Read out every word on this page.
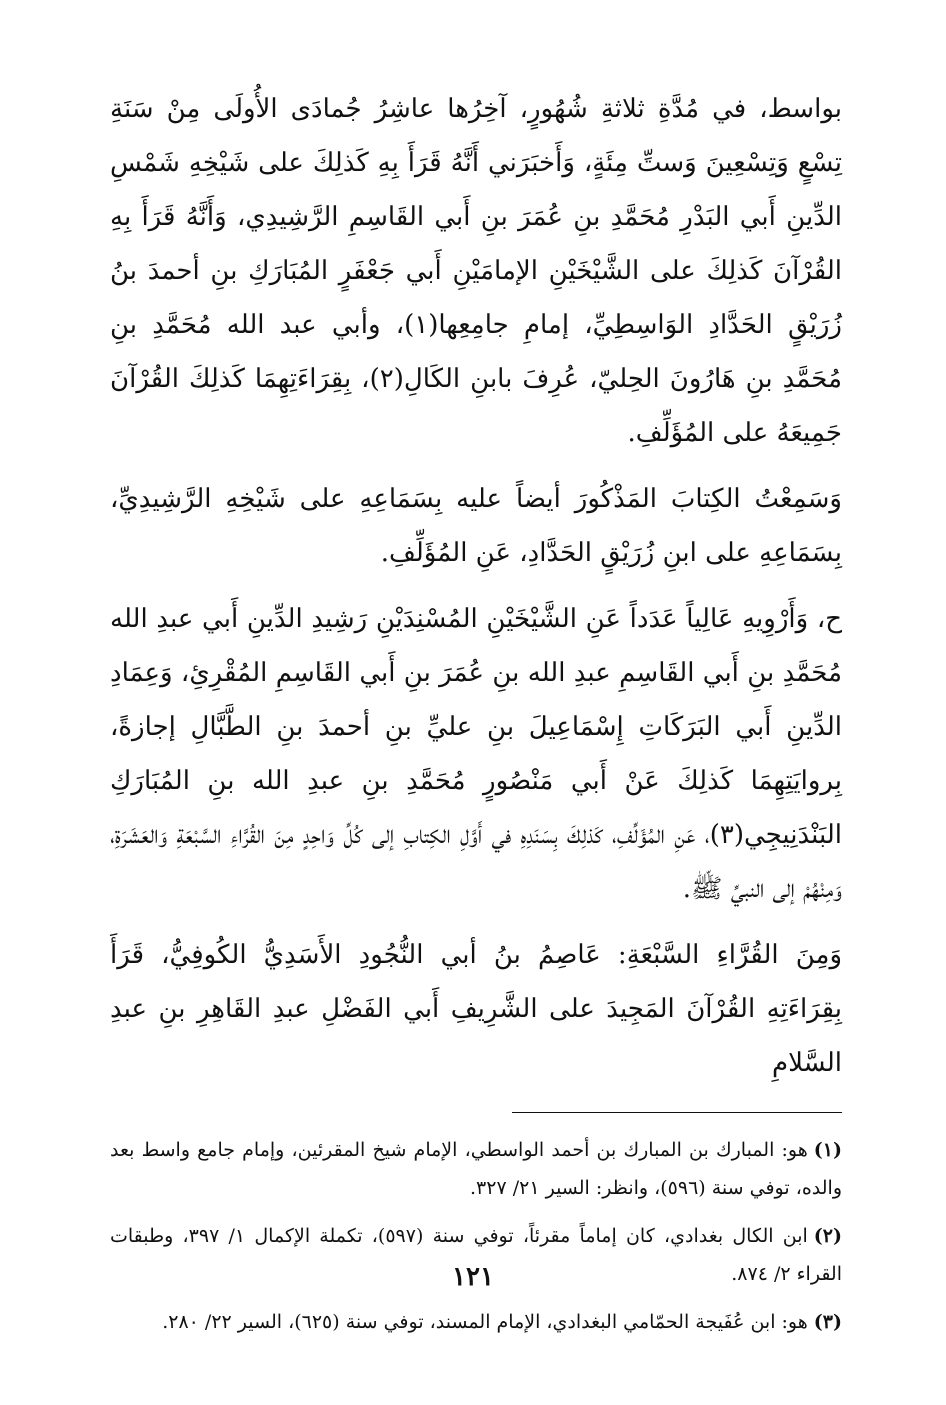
بواسط، في مُدَّةِ ثلاثةِ شُهُورٍ، آخِرُها عاشِرُ جُمادَى الأُولَى مِنْ سَنَةِ تِسْعٍ وَتِسْعِينَ وَستِّ مِئَةٍ، وَأَخبَرَني أَنَّهُ قَرَأَ بِهِ كَذلِكَ على شَيْخِهِ شَمْسِ الدِّينِ أَبي البَدْرِ مُحَمَّدِ بنِ عُمَرَ بنِ أَبي القَاسِمِ الرَّشِيدِي، وَأَنَّهُ قَرَأَ بِهِ القُرْآنَ كَذلِكَ على الشَّيْخَيْنِ الإمامَيْنِ أَبي جَعْفَرٍ المُبَارَكِ بنِ أحمدَ بنُ زُرَيْقٍ الحَدَّادِ الوَاسِطِيِّ، إمامِ جامِعِها(١)، وأبي عبد الله مُحَمَّدِ بنِ مُحَمَّدِ بنِ هَارُونَ الحِليّ، عُرِفَ بابنِ الكَالِ(٢)، بِقِرَاءَتِهِمَا كَذلِكَ القُرْآنَ جَمِيعَهُ على المُؤَلِّفِ.

وَسَمِعْتُ الكِتابَ المَذْكُورَ أيضاً عليه بِسَمَاعِهِ على شَيْخِهِ الرَّشِيدِيِّ، بِسَمَاعِهِ على ابنِ زُرَيْقٍ الحَدَّادِ، عَنِ المُؤَلِّفِ.

ح، وَأَرْوِيهِ عَالِياً عَدَداً عَنِ الشَّيْخَيْنِ المُسْنِدَيْنِ رَشِيدِ الدِّينِ أَبي عبدِ الله مُحَمَّدِ بنِ أَبي القَاسِمِ عبدِ الله بنِ عُمَرَ بنِ أَبي القَاسِمِ المُقْرِئِ، وَعِمَادِ الدِّينِ أَبي البَرَكَاتِ إِسْمَاعِيلَ بنِ عليِّ بنِ أحمدَ بنِ الطَّبَّالِ إجازةً، بِروايَتِهِمَا كَذلِكَ عَنْ أَبي مَنْصُورٍ مُحَمَّدِ بنِ عبدِ الله بنِ المُبَارَكِ البَنْدَنِيجِي(٣)، عَنِ المُؤَلِّفِ، كَذلِكَ بِسَنَدِهِ في أَوَّلِ الكِتابِ إلى كُلِّ وَاحِدٍ مِنَ القُرَّاءِ السَّبْعَةِ وَالعَشَرَةِ، وَمِنْهُمْ إلى النبيِّ ﷺ.

وَمِنَ القُرَّاءِ السَّبْعَةِ: عَاصِمُ بنُ أبي النُّجُودِ الأَسَدِيُّ الكُوفِيُّ، قَرَأَ بِقِرَاءَتِهِ القُرْآنَ المَجِيدَ على الشَّرِيفِ أَبي الفَضْلِ عبدِ القَاهِرِ بنِ عبدِ السَّلامِ

(١)هو: المبارك بن المبارك بن أحمد الواسطي، الإمام شيخ المقرئين، وإمام جامع واسط بعد والده، توفي سنة (٥٩٦)، وانظر: السير ٢١/ ٣٢٧.

(٢)ابن الكال بغدادي، كان إماماً مقرئاً، توفي سنة (٥٩٧)، تكملة الإكمال ١/ ٣٩٧، وطبقات القراء ٢/ ٨٧٤.

(٣)هو: ابن عُفَيجة الحمّامي البغدادي، الإمام المسند، توفي سنة (٦٢٥)، السير ٢٢/ ٢٨٠.

١٢١
